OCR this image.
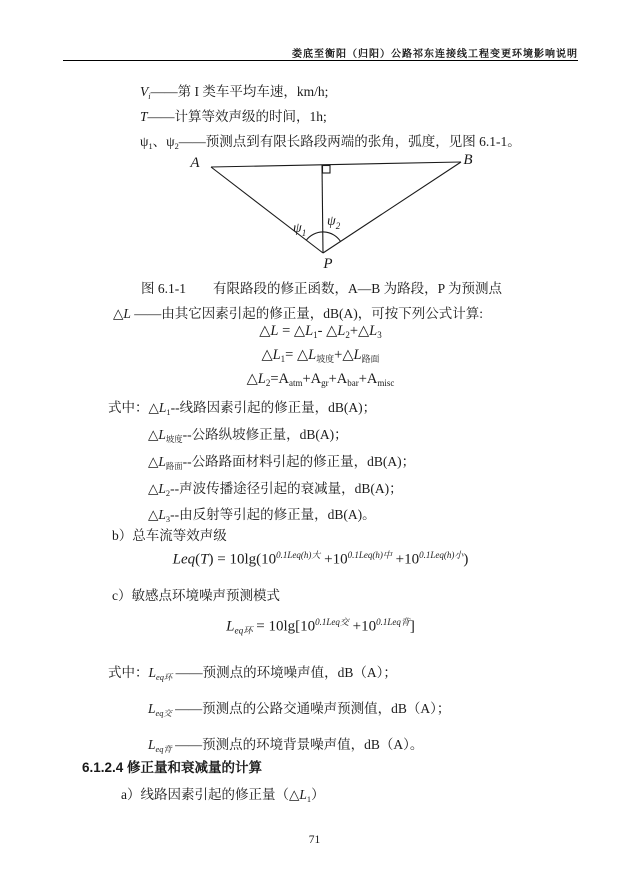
娄底至衡阳（归阳）公路祁东连接线工程变更环境影响说明
$V_i——$第 I 类车平均车速，km/h;
T——计算等效声级的时间，1h;
$\psi_1$、$\psi_2——$预测点到有限长路段两端的张角，弧度，见图 6.1-1。
A	B
P
$\psi_1$
$\psi_2$
图 6.1-1　　有限路段的修正函数，A—B 为路段，P 为预测点
△L ——由其它因素引起的修正量，dB(A)，可按下列公式计算:
△L = $\triangle L_1-$ $\triangle L_2+\triangle L_3$
$\triangle L_1=$ $\triangle L_{坡度}+\triangle L_{路面}$
$\triangle L_2=A_{atm}+A_{gr}+A_{bar}+A_{misc}$
式中：$\triangle L_1--$线路因素引起的修正量，dB(A)；
$\triangle L_{坡度}--$公路纵坡修正量，dB(A)；
$\triangle L_{路面}--$公路路面材料引起的修正量，dB(A)；
$\triangle L_2--$声波传播途径引起的衰减量，dB(A)；
$\triangle L_3--$由反射等引起的修正量，dB(A)。
b）总车流等效声级
$Leq(T) = 10\lg(10^{0.1Leq(h)大} +10^{0.1Leq(h)中} +10^{0.1Leq(h)小})$
c）敏感点环境噪声预测模式
$L_{eq环} = 10\lg[10^{0.1Leq交} +10^{0.1Leq背}]$
式中：$L_{eq环}$ ——预测点的环境噪声值，dB（A）；
$L_{eq交}$ ——预测点的公路交通噪声预测值，dB（A）；
$L_{eq背}$ ——预测点的环境背景噪声值，dB（A）。
6.1.2.4 修正量和衰减量的计算
a）线路因素引起的修正量$(\triangle L_1)$
71
